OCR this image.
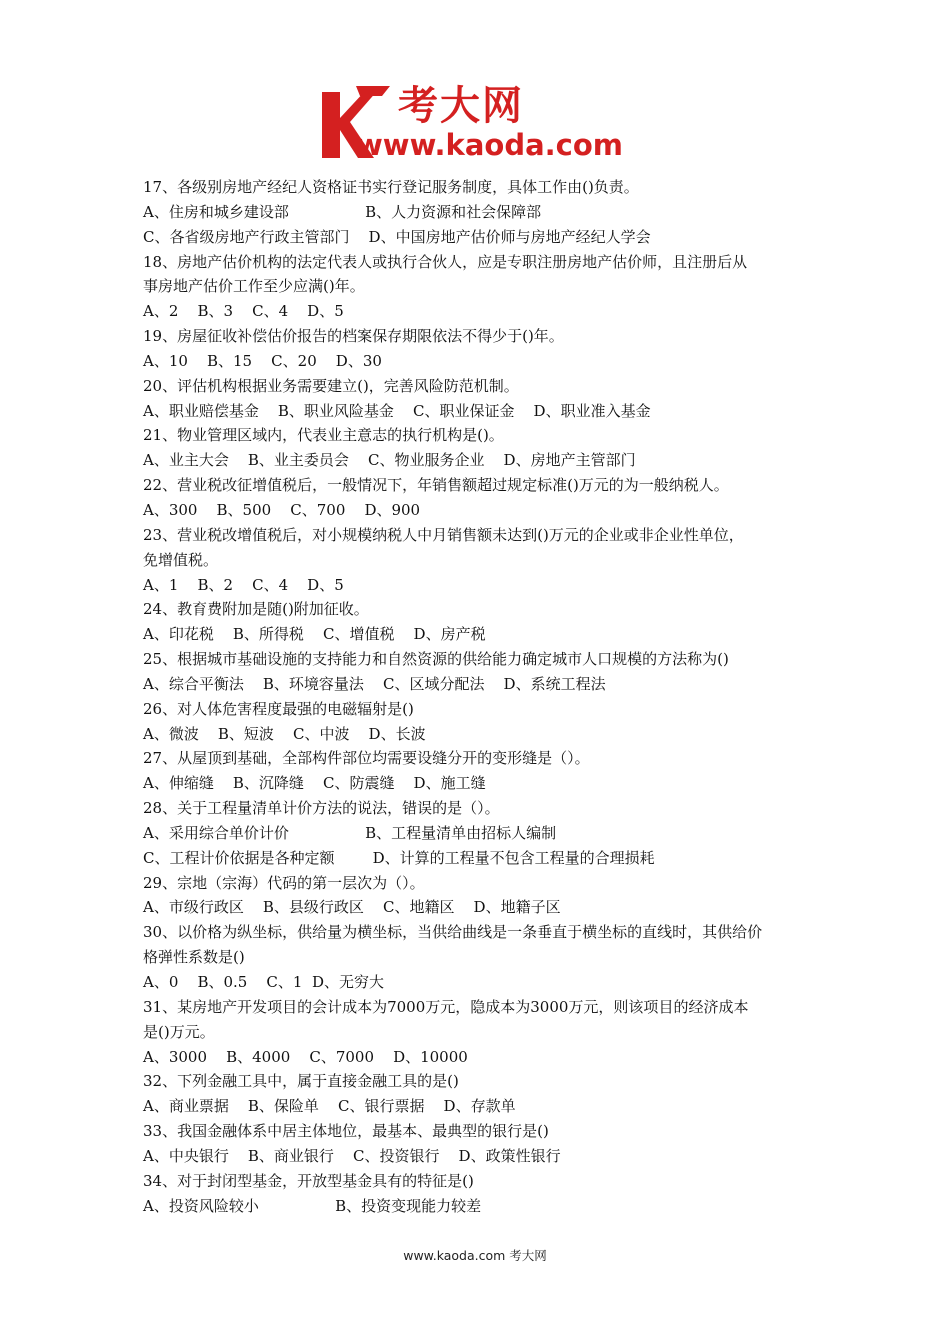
考大网
www.kaoda.com
17、各级别房地产经纪人资格证书实行登记服务制度，具体工作由()负责。
A、住房和城乡建设部                B、人力资源和社会保障部
C、各省级房地产行政主管部门    D、中国房地产估价师与房地产经纪人学会
18、房地产估价机构的法定代表人或执行合伙人，应是专职注册房地产估价师，且注册后从
事房地产估价工作至少应满()年。
A、2    B、3    C、4    D、5
19、房屋征收补偿估价报告的档案保存期限依法不得少于()年。
A、10    B、15    C、20    D、30
20、评估机构根据业务需要建立()，完善风险防范机制。
A、职业赔偿基金    B、职业风险基金    C、职业保证金    D、职业准入基金
21、物业管理区域内，代表业主意志的执行机构是()。
A、业主大会    B、业主委员会    C、物业服务企业    D、房地产主管部门
22、营业税改征增值税后，一般情况下，年销售额超过规定标准()万元的为一般纳税人。
A、300    B、500    C、700    D、900
23、营业税改增值税后，对小规模纳税人中月销售额未达到()万元的企业或非企业性单位，
免增值税。
A、1    B、2    C、4    D、5
24、教育费附加是随()附加征收。
A、印花税    B、所得税    C、增值税    D、房产税
25、根据城市基础设施的支持能力和自然资源的供给能力确定城市人口规模的方法称为()
A、综合平衡法    B、环境容量法    C、区域分配法    D、系统工程法
26、对人体危害程度最强的电磁辐射是()
A、微波    B、短波    C、中波    D、长波
27、从屋顶到基础，全部构件部位均需要设缝分开的变形缝是（）。
A、伸缩缝    B、沉降缝    C、防震缝    D、施工缝
28、关于工程量清单计价方法的说法，错误的是（）。
A、采用综合单价计价                B、工程量清单由招标人编制
C、工程计价依据是各种定额        D、计算的工程量不包含工程量的合理损耗
29、宗地（宗海）代码的第一层次为（）。
A、市级行政区    B、县级行政区    C、地籍区    D、地籍子区
30、以价格为纵坐标，供给量为横坐标，当供给曲线是一条垂直于横坐标的直线时，其供给价
格弹性系数是()
A、0    B、0.5    C、1  D、无穷大
31、某房地产开发项目的会计成本为7000万元，隐成本为3000万元，则该项目的经济成本
是()万元。
A、3000    B、4000    C、7000    D、10000
32、下列金融工具中，属于直接金融工具的是()
A、商业票据    B、保险单    C、银行票据    D、存款单
33、我国金融体系中居主体地位，最基本、最典型的银行是()
A、中央银行    B、商业银行    C、投资银行    D、政策性银行
34、对于封闭型基金，开放型基金具有的特征是()
A、投资风险较小                B、投资变现能力较差
www.kaoda.com 考大网
